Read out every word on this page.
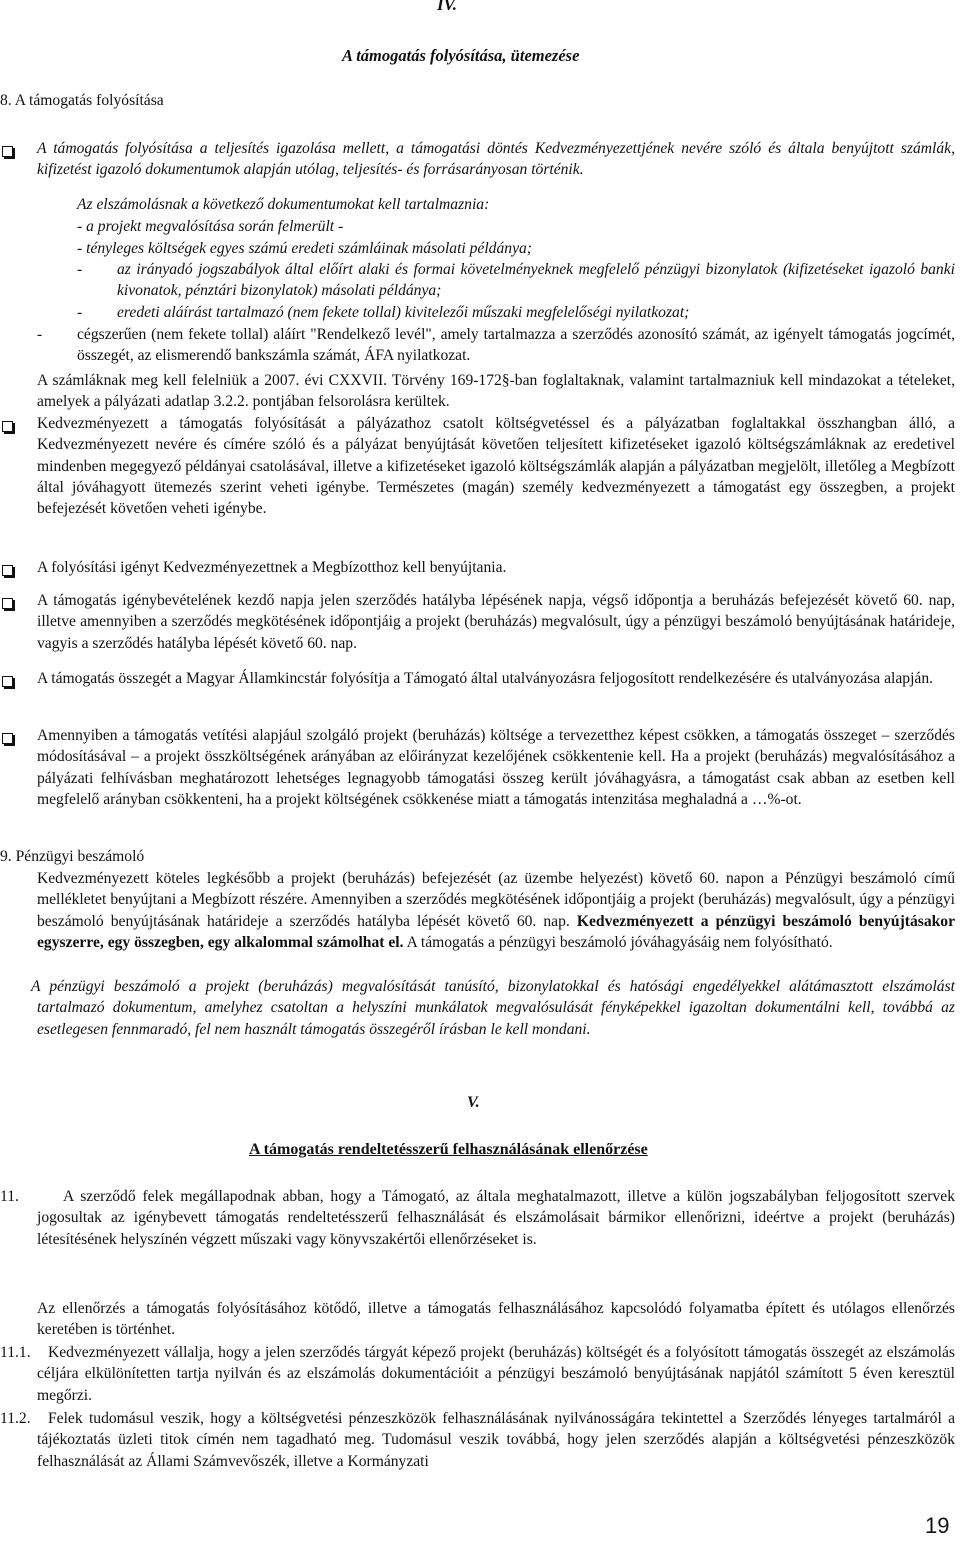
IV.
A támogatás folyósítása, ütemezése
8. A támogatás folyósítása

A támogatás folyósítása a teljesítés igazolása mellett, a támogatási döntés Kedvezményezettjének nevére szóló és általa benyújtott számlák, kifizetést igazoló dokumentumok alapján utólag, teljesítés- és forrásarányosan történik.

Az elszámolásnak a következő dokumentumokat kell tartalmaznia:

- a projekt megvalósítása során felmerült -

- tényleges költségek egyes számú eredeti számláinak másolati példánya;

- az irányadó jogszabályok által előírt alaki és formai követelményeknek megfelelő pénzügyi bizonylatok (kifizetéseket igazoló banki kivonatok, pénztári bizonylatok) másolati példánya;

- eredeti aláírást tartalmazó (nem fekete tollal) kivitelezői műszaki megfelelőségi nyilatkozat;

- cégszerűen (nem fekete tollal) aláírt "Rendelkező levél", amely tartalmazza a szerződés azonosító számát, az igényelt támogatás jogcímét, összegét, az elismerendő bankszámla számát, ÁFA nyilatkozat.

A számláknak meg kell felelniük a 2007. évi CXXVII. Törvény 169-172§-ban foglaltaknak, valamint tartalmazniuk kell mindazokat a tételeket, amelyek a pályázati adatlap 3.2.2. pontjában felsorolásra kerültek.

Kedvezményezett a támogatás folyósítását a pályázathoz csatolt költségvetéssel és a pályázatban foglaltakkal összhangban álló, a Kedvezményezett nevére és címére szóló és a pályázat benyújtását követően teljesített kifizetéseket igazoló költségszámláknak az eredetivel mindenben megegyező példányai csatolásával, illetve a kifizetéseket igazoló költségszámlák alapján a pályázatban megjelölt, illetőleg a Megbízott által jóváhagyott ütemezés szerint veheti igénybe. Természetes (magán) személy kedvezményezett a támogatást egy összegben, a projekt befejezését követően veheti igénybe.

A folyósítási igényt Kedvezményezettnek a Megbízotthoz kell benyújtania.

A támogatás igénybevételének kezdő napja jelen szerződés hatályba lépésének napja, végső időpontja a beruházás befejezését követő 60. nap, illetve amennyiben a szerződés megkötésének időpontjáig a projekt (beruházás) megvalósult, úgy a pénzügyi beszámoló benyújtásának határideje, vagyis a szerződés hatályba lépését követő 60. nap.

A támogatás összegét a Magyar Államkincstár folyósítja a Támogató által utalványozásra feljogosított rendelkezésére és utalványozása alapján.

Amennyiben a támogatás vetítési alapjául szolgáló projekt (beruházás) költsége a tervezetthez képest csökken, a támogatás összeget – szerződés módosításával – a projekt összköltségének arányában az előirányzat kezelőjének csökkentenie kell. Ha a projekt (beruházás) megvalósításához a pályázati felhívásban meghatározott lehetséges legnagyobb támogatási összeg került jóváhagyásra, a támogatást csak abban az esetben kell megfelelő arányban csökkenteni, ha a projekt költségének csökkenése miatt a támogatás intenzitása meghaladná a …%-ot.

9. Pénzügyi beszámoló

Kedvezményezett köteles legkésőbb a projekt (beruházás) befejezését (az üzembe helyezést) követő 60. napon a Pénzügyi beszámoló című mellékletet benyújtani a Megbízott részére. Amennyiben a szerződés megkötésének időpontjáig a projekt (beruházás) megvalósult, úgy a pénzügyi beszámoló benyújtásának határideje a szerződés hatályba lépését követő 60. nap. Kedvezményezett a pénzügyi beszámoló benyújtásakor egyszerre, egy összegben, egy alkalommal számolhat el. A támogatás a pénzügyi beszámoló jóváhagyásáig nem folyósítható.

A pénzügyi beszámoló a projekt (beruházás) megvalósítását tanúsító, bizonylatokkal és hatósági engedélyekkel alátámasztott elszámolást tartalmazó dokumentum, amelyhez csatoltan a helyszíni munkálatok megvalósulását fényképekkel igazoltan dokumentálni kell, továbbá az esetlegesen fennmaradó, fel nem használt támogatás összegéről írásban le kell mondani.

V.
A támogatás rendeltetésszerű felhasználásának ellenőrzése
11.	A szerződő felek megállapodnak abban, hogy a Támogató, az általa meghatalmazott, illetve a külön jogszabályban feljogosított szervek jogosultak az igénybevett támogatás rendeltetésszerű felhasználását és elszámolásait bármikor ellenőrizni, ideértve a projekt (beruházás) létesítésének helyszínén végzett műszaki vagy könyvszakértői ellenőrzéseket is.

Az ellenőrzés a támogatás folyósításához kötődő, illetve a támogatás felhasználásához kapcsolódó folyamatba épített és utólagos ellenőrzés keretében is történhet.

11.1.	Kedvezményezett vállalja, hogy a jelen szerződés tárgyát képező projekt (beruházás) költségét és a folyósított támogatás összegét az elszámolás céljára elkülönítetten tartja nyilván és az elszámolás dokumentációit a pénzügyi beszámoló benyújtásának napjától számított 5 éven keresztül megőrzi.

11.2.	Felek tudomásul veszik, hogy a költségvetési pénzeszközök felhasználásának nyilvánosságára tekintettel a Szerződés lényeges tartalmáról a tájékoztatás üzleti titok címén nem tagadható meg. Tudomásul veszik továbbá, hogy jelen szerződés alapján a költségvetési pénzeszközök felhasználását az Állami Számvevőszék, illetve a Kormányzati

19
